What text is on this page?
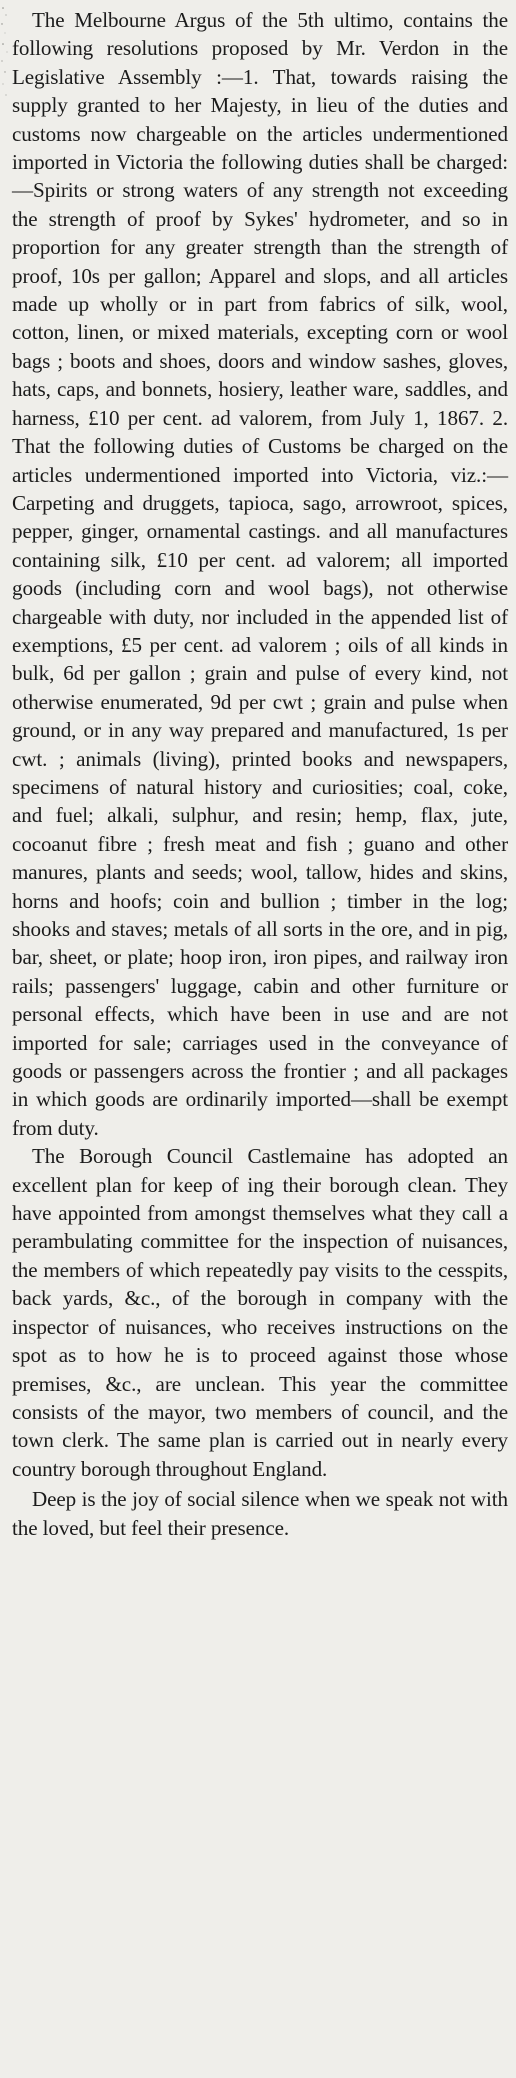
The Melbourne Argus of the 5th ultimo, contains the following resolutions proposed by Mr. Verdon in the Legislative Assembly :—1. That, towards raising the supply granted to her Majesty, in lieu of the duties and customs now chargeable on the articles undermentioned imported in Victoria the following duties shall be charged:—Spirits or strong waters of any strength not exceeding the strength of proof by Sykes' hydrometer, and so in proportion for any greater strength than the strength of proof, 10s per gallon; Apparel and slops, and all articles made up wholly or in part from fabrics of silk, wool, cotton, linen, or mixed materials, excepting corn or wool bags ; boots and shoes, doors and window sashes, gloves, hats, caps, and bonnets, hosiery, leather ware, saddles, and harness, £10 per cent. ad valorem, from July 1, 1867. 2. That the following duties of Customs be charged on the articles undermentioned imported into Victoria, viz.:—Carpeting and druggets, tapioca, sago, arrowroot, spices, pepper, ginger, ornamental castings. and all manufactures containing silk, £10 per cent. ad valorem; all imported goods (including corn and wool bags), not otherwise chargeable with duty, nor included in the appended list of exemptions, £5 per cent. ad valorem ; oils of all kinds in bulk, 6d per gallon ; grain and pulse of every kind, not otherwise enumerated, 9d per cwt ; grain and pulse when ground, or in any way prepared and manufactured, 1s per cwt. ; animals (living), printed books and newspapers, specimens of natural history and curiosities; coal, coke, and fuel; alkali, sulphur, and resin; hemp, flax, jute, cocoanut fibre ; fresh meat and fish ; guano and other manures, plants and seeds; wool, tallow, hides and skins, horns and hoofs; coin and bullion ; timber in the log; shooks and staves; metals of all sorts in the ore, and in pig, bar, sheet, or plate; hoop iron, iron pipes, and railway iron rails; passengers' luggage, cabin and other furniture or personal effects, which have been in use and are not imported for sale; carriages used in the conveyance of goods or passengers across the frontier ; and all packages in which goods are ordinarily imported—shall be exempt from duty.

The Borough Council Castlemaine has adopted an excellent plan for keep of ing their borough clean. They have appointed from amongst themselves what they call a perambulating committee for the inspection of nuisances, the members of which repeatedly pay visits to the cesspits, back yards, &c., of the borough in company with the inspector of nuisances, who receives instructions on the spot as to how he is to proceed against those whose premises, &c., are unclean. This year the committee consists of the mayor, two members of council, and the town clerk. The same plan is carried out in nearly every country borough throughout England.

Deep is the joy of social silence when we speak not with the loved, but feel their presence.
